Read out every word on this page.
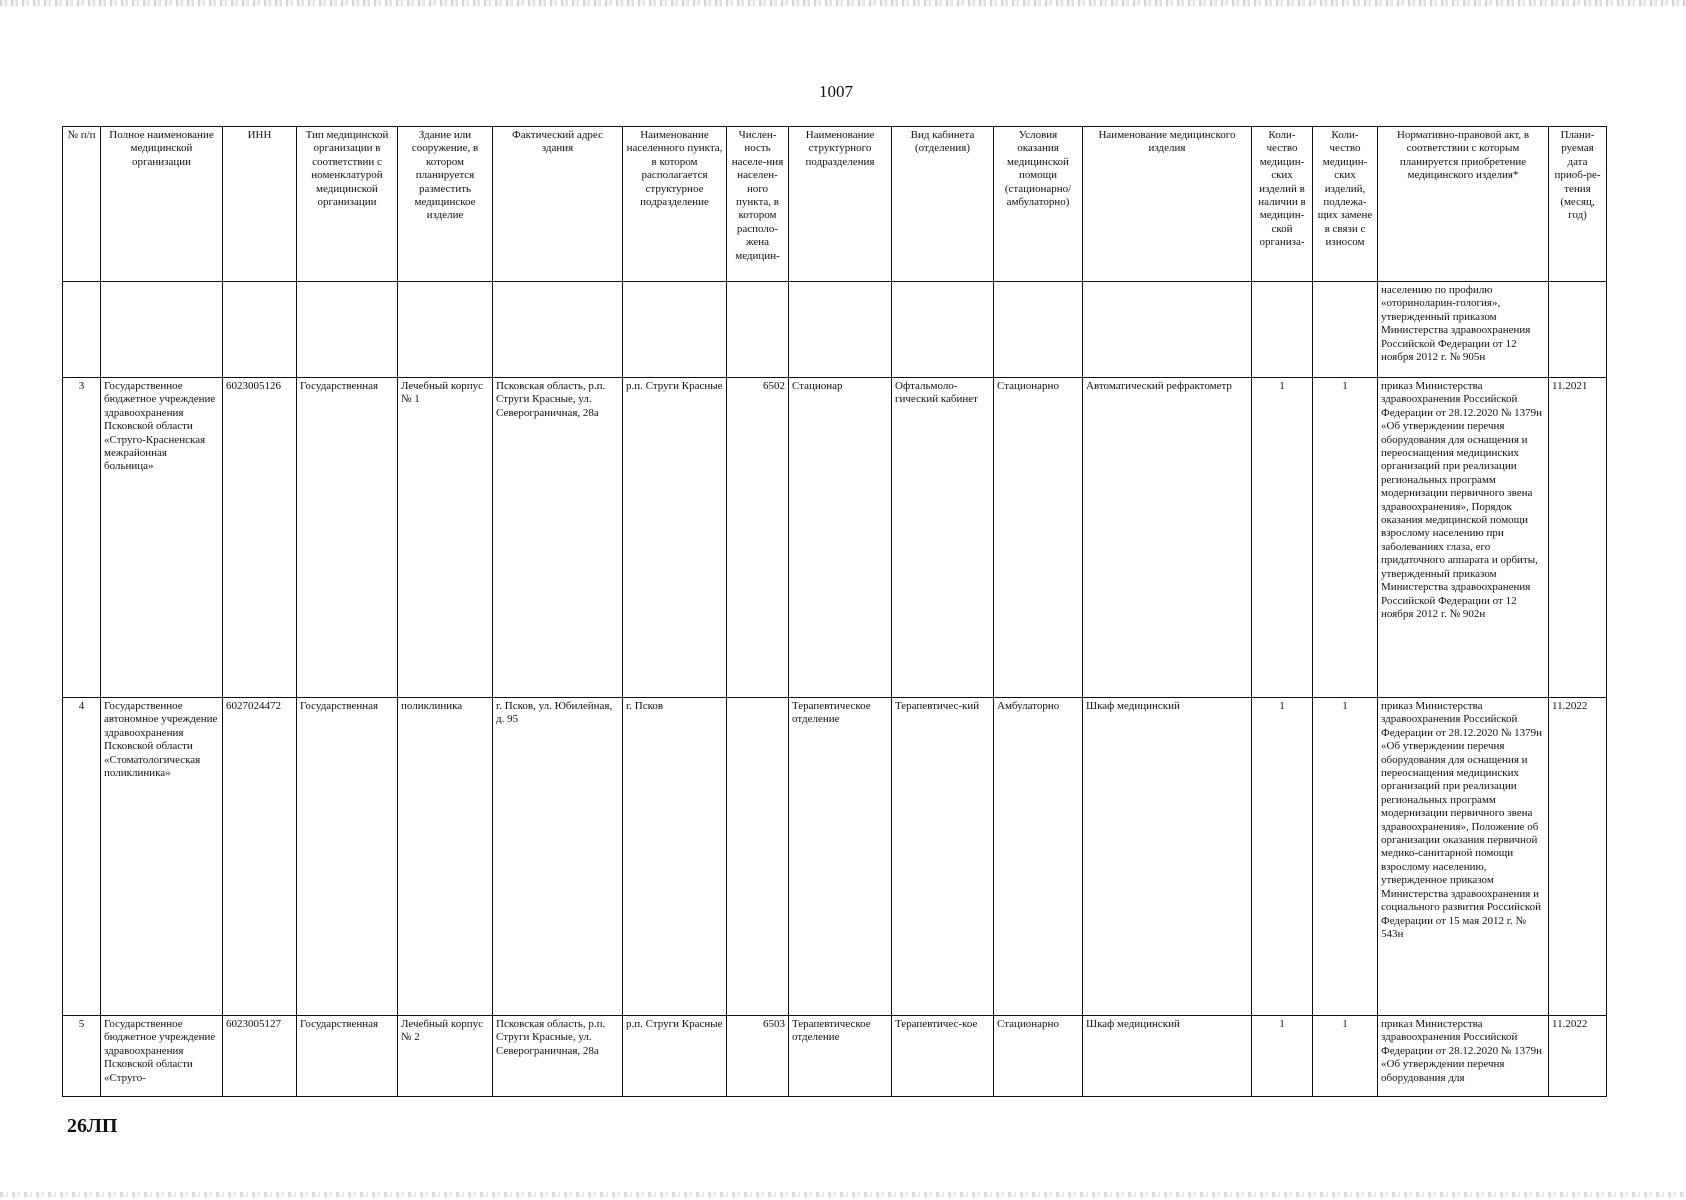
1007
№ п/п	Полное наименование медицинской организации	ИНН	Тип медицинской организации в соответствии с номенклатурой медицинской организации	Здание или сооружение, в котором планируется разместить медицинское изделие	Фактический адрес здания	Наименование населенного пункта, в котором располагается структурное подразделение	Числен-ность населе-ния населен-ного пункта, в котором располо-жена медицин-	Наименование структурного подразделения	Вид кабинета (отделения)	Условия оказания медицинской помощи (стационарно/ амбулаторно)	Наименование медицинского изделия	Коли-чество медицин-ских изделий в наличии в медицин-ской организа-	Коли-чество медицин-ских изделий, подлежа-щих замене в связи с износом	Нормативно-правовой акт, в соответствии с которым планируется приобретение медицинского изделия*	Плани-руемая дата приоб-ре-тения (месяц, год)
														населению по профилю «оториноларин-гология», утвержденный приказом Министерства здравоохранения Российской Федерации от 12 ноября 2012 г. № 905н	
3	Государственное бюджетное учреждение здравоохранения Псковской области «Струго-Красненская межрайонная больница»	6023005126	Государственная	Лечебный корпус № 1	Псковская область, р.п. Струги Красные, ул. Северограничная, 28а	р.п. Струги Красные	6502	Стационар	Офтальмоло-гический кабинет	Стационарно	Автоматический рефрактометр	1	1	приказ Министерства здравоохранения Российской Федерации от 28.12.2020 № 1379н «Об утверждении перечня оборудования для оснащения и переоснащения медицинских организаций при реализации региональных программ модернизации первичного звена здравоохранения», Порядок оказания медицинской помощи взрослому населению при заболеваниях глаза, его придаточного аппарата и орбиты, утвержденный приказом Министерства здравоохранения Российской Федерации от 12 ноября 2012 г. № 902н	11.2021
4	Государственное автономное учреждение здравоохранения Псковской области «Стоматологическая поликлиника»	6027024472	Государственная	поликлиника	г. Псков, ул. Юбилейная, д. 95	г. Псков		Терапевтическое отделение	Терапевтичес-кий	Амбулаторно	Шкаф медицинский	1	1	приказ Министерства здравоохранения Российской Федерации от 28.12.2020 № 1379н «Об утверждении перечня оборудования для оснащения и переоснащения медицинских организаций при реализации региональных программ модернизации первичного звена здравоохранения», Положение об организации оказания первичной медико-санитарной помощи взрослому населению, утвержденное приказом Министерства здравоохранения и социального развития Российской Федерации от 15 мая 2012 г. № 543н	11.2022
5	Государственное бюджетное учреждение здравоохранения Псковской области «Струго-	6023005127	Государственная	Лечебный корпус № 2	Псковская область, р.п. Струги Красные, ул. Северограничная, 28а	р.п. Струги Красные	6503	Терапевтическое отделение	Терапевтичес-кое	Стационарно	Шкаф медицинский	1	1	приказ Министерства здравоохранения Российской Федерации от 28.12.2020 № 1379н «Об утверждении перечня оборудования для	11.2022
26ЛП
